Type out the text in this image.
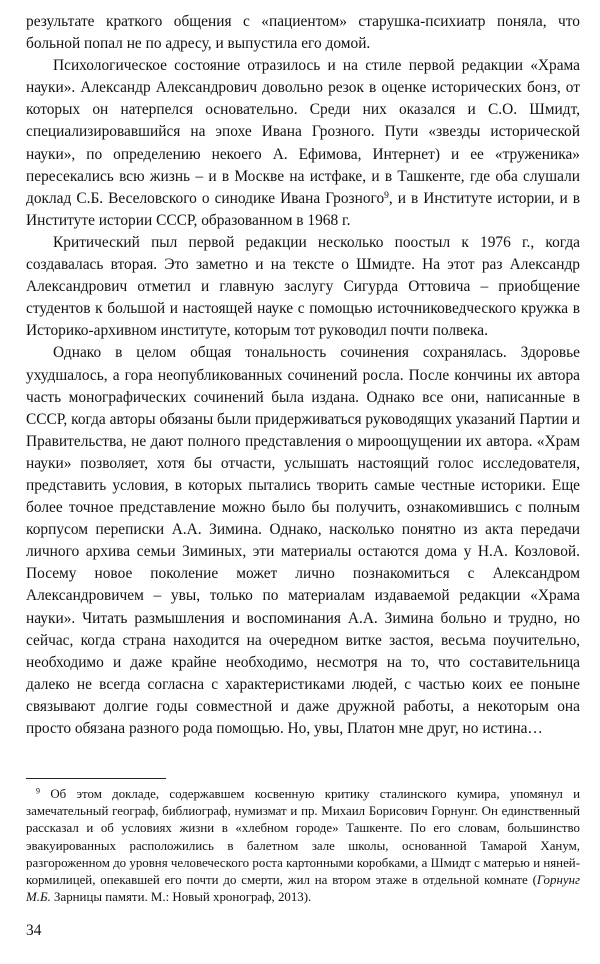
результате краткого общения с «пациентом» старушка-психиатр поняла, что больной попал не по адресу, и выпустила его домой.

Психологическое состояние отразилось и на стиле первой редакции «Храма науки». Александр Александрович довольно резок в оценке исторических бонз, от которых он натерпелся основательно. Среди них оказался и С.О. Шмидт, специализировавшийся на эпохе Ивана Грозного. Пути «звезды исторической науки», по определению некоего А. Ефимова, Интернет) и ее «труженика» пересекались всю жизнь – и в Москве на истфаке, и в Ташкенте, где оба слушали доклад С.Б. Веселовского о синодике Ивана Грозного$^9$, и в Институте истории, и в Институте истории СССР, образованном в 1968 г.

Критический пыл первой редакции несколько поостыл к 1976 г., когда создавалась вторая. Это заметно и на тексте о Шмидте. На этот раз Александр Александрович отметил и главную заслугу Сигурда Оттовича – приобщение студентов к большой и настоящей науке с помощью источниковедческого кружка в Историко-архивном институте, которым тот руководил почти полвека.

Однако в целом общая тональность сочинения сохранялась. Здоровье ухудшалось, а гора неопубликованных сочинений росла. После кончины их автора часть монографических сочинений была издана. Однако все они, написанные в СССР, когда авторы обязаны были придерживаться руководящих указаний Партии и Правительства, не дают полного представления о мироощущении их автора. «Храм науки» позволяет, хотя бы отчасти, услышать настоящий голос исследователя, представить условия, в которых пытались творить самые честные историки. Еще более точное представление можно было бы получить, ознакомившись с полным корпусом переписки А.А. Зимина. Однако, насколько понятно из акта передачи личного архива семьи Зиминых, эти материалы остаются дома у Н.А. Козловой. Посему новое поколение может лично познакомиться с Александром Александровичем – увы, только по материалам издаваемой редакции «Храма науки». Читать размышления и воспоминания А.А. Зимина больно и трудно, но сейчас, когда страна находится на очередном витке застоя, весьма поучительно, необходимо и даже крайне необходимо, несмотря на то, что составительница далеко не всегда согласна с характеристиками людей, с частью коих ее поныне связывают долгие годы совместной и даже дружной работы, а некоторым она просто обязана разного рода помощью. Но, увы, Платон мне друг, но истина…

$^9$ Об этом докладе, содержавшем косвенную критику сталинского кумира, упомянул и замечательный географ, библиограф, нумизмат и пр. Михаил Борисович Горнунг. Он единственный рассказал и об условиях жизни в «хлебном городе» Ташкенте. По его словам, большинство эвакуированных расположились в балетном зале школы, основанной Тамарой Ханум, разгороженном до уровня человеческого роста картонными коробками, а Шмидт с матерью и няней-кормилицей, опекавшей его почти до смерти, жил на втором этаже в отдельной комнате (Горнунг М.Б. Зарницы памяти. М.: Новый хронограф, 2013).

34
